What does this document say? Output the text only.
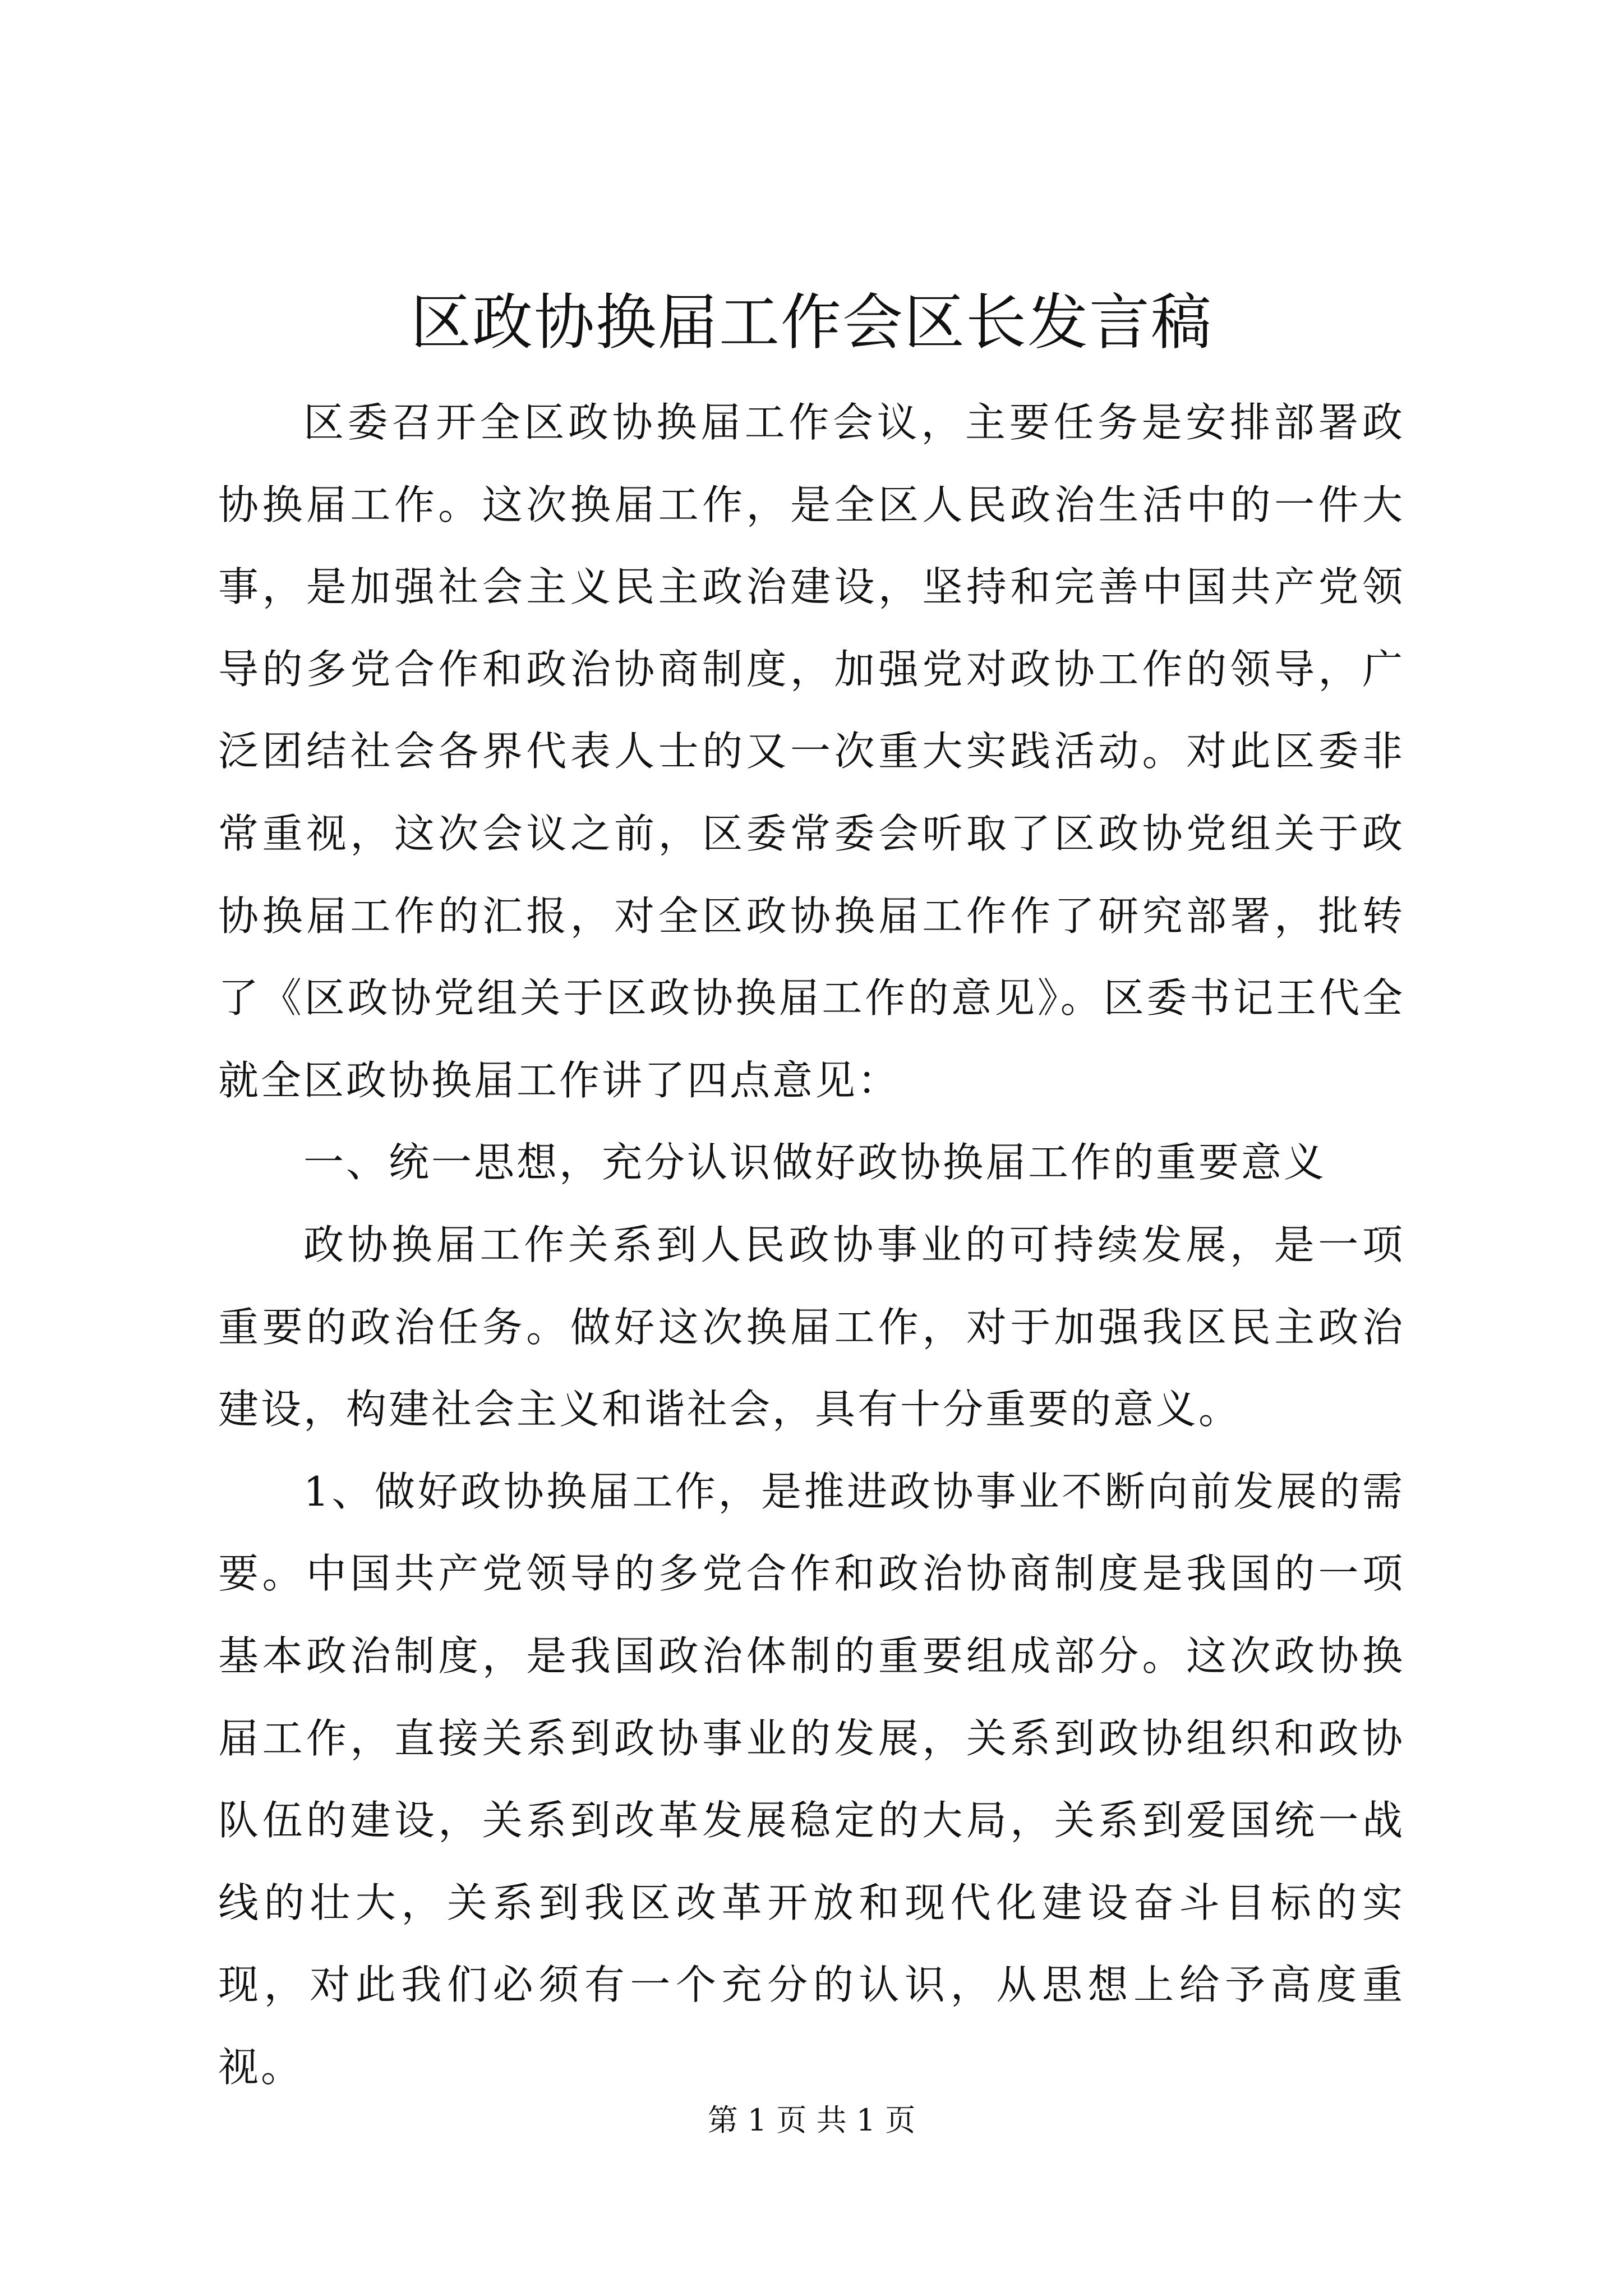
区政协换届工作会区长发言稿

区委召开全区政协换届工作会议，主要任务是安排部署政协换届工作。这次换届工作，是全区人民政治生活中的一件大事，是加强社会主义民主政治建设，坚持和完善中国共产党领导的多党合作和政治协商制度，加强党对政协工作的领导，广泛团结社会各界代表人士的又一次重大实践活动。对此区委非常重视，这次会议之前，区委常委会听取了区政协党组关于政协换届工作的汇报，对全区政协换届工作作了研究部署，批转了《区政协党组关于区政协换届工作的意见》。区委书记王代全就全区政协换届工作讲了四点意见：

一、统一思想，充分认识做好政协换届工作的重要意义

政协换届工作关系到人民政协事业的可持续发展，是一项重要的政治任务。做好这次换届工作，对于加强我区民主政治建设，构建社会主义和谐社会，具有十分重要的意义。

1、做好政协换届工作，是推进政协事业不断向前发展的需要。中国共产党领导的多党合作和政治协商制度是我国的一项基本政治制度，是我国政治体制的重要组成部分。这次政协换届工作，直接关系到政协事业的发展，关系到政协组织和政协队伍的建设，关系到改革发展稳定的大局，关系到爱国统一战线的壮大，关系到我区改革开放和现代化建设奋斗目标的实现，对此我们必须有一个充分的认识，从思想上给予高度重视。

第 1 页 共 1 页
